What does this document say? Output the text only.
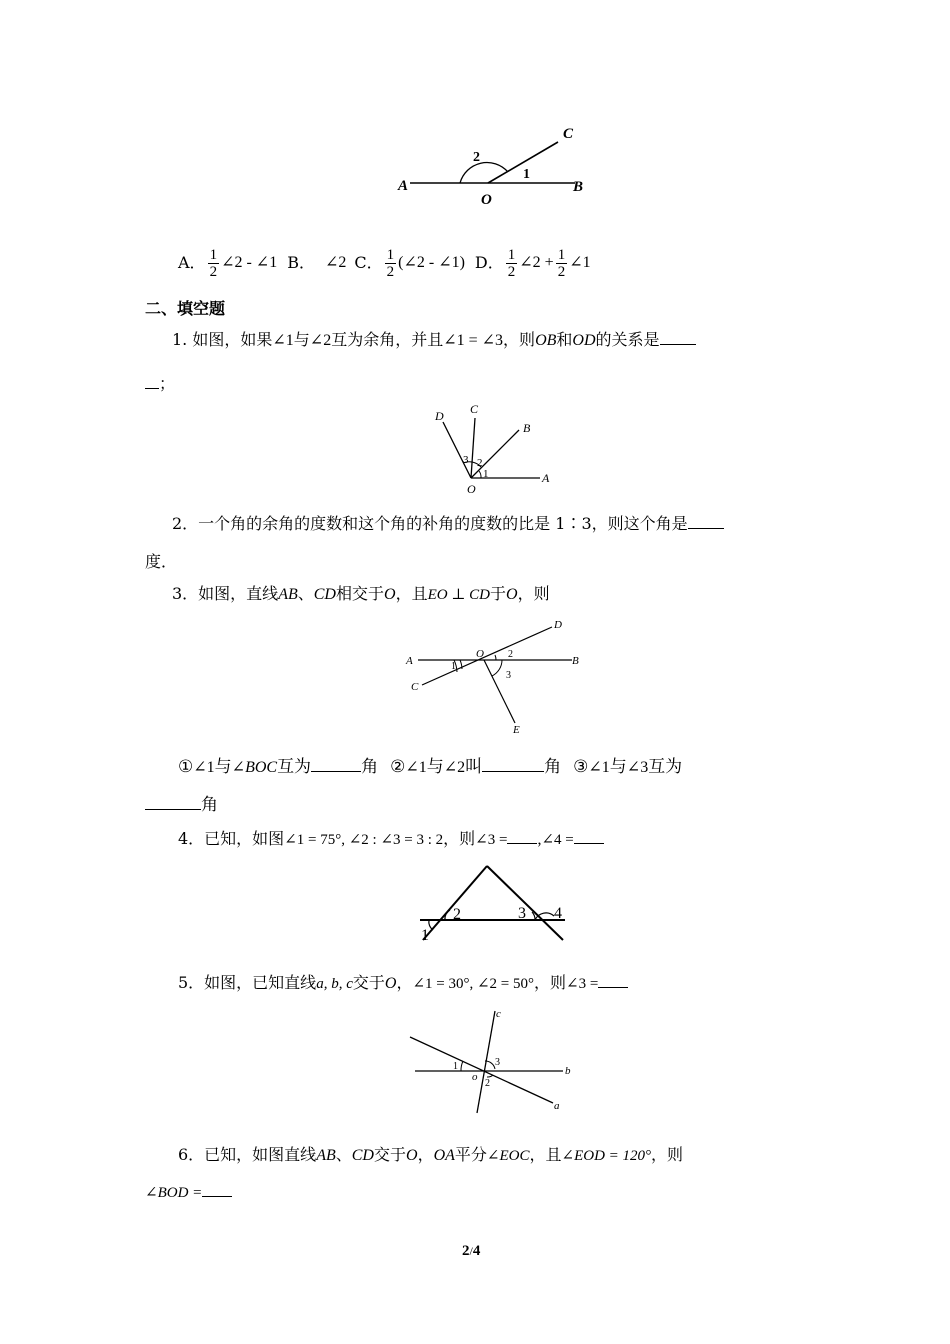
A	B
C
O
1
2
A． $\frac{1}{2}$ ∠2 - ∠1 B． ∠2 C． $\frac{1}{2}$ (∠2 - ∠1) D． $\frac{1}{2}$ ∠2 + $\frac{1}{2}$ ∠1
二、填空题
1. 如图，如果∠1与∠2互为余角，并且∠1 = ∠3，则OB和OD的关系是
；
D C
B
A
O
3 2
1
2．一个角的余角的度数和这个角的补角的度数的比是 1∶3，则这个角是
度．
3．如图，直线AB、CD相交于O，且EO ⊥ CD于O，则
A	B
C
D
E
O
1
2
3
①∠1与∠BOC互为	角 ②∠1与∠2叫	角 ③∠1与∠3互为
角
4．已知，如图∠1 = 75°, ∠2 : ∠3 = 3 : 2，则∠3 = ,∠4 =
1
2	3 4
5．如图，已知直线a, b, c交于O，∠1 = 30°, ∠2 = 50°，则∠3 =
c
b
a
o
1
2
3
6．已知，如图直线AB、CD交于O，OA平分∠EOC，且∠EOD = 120°，则
∠BOD =
2/4
